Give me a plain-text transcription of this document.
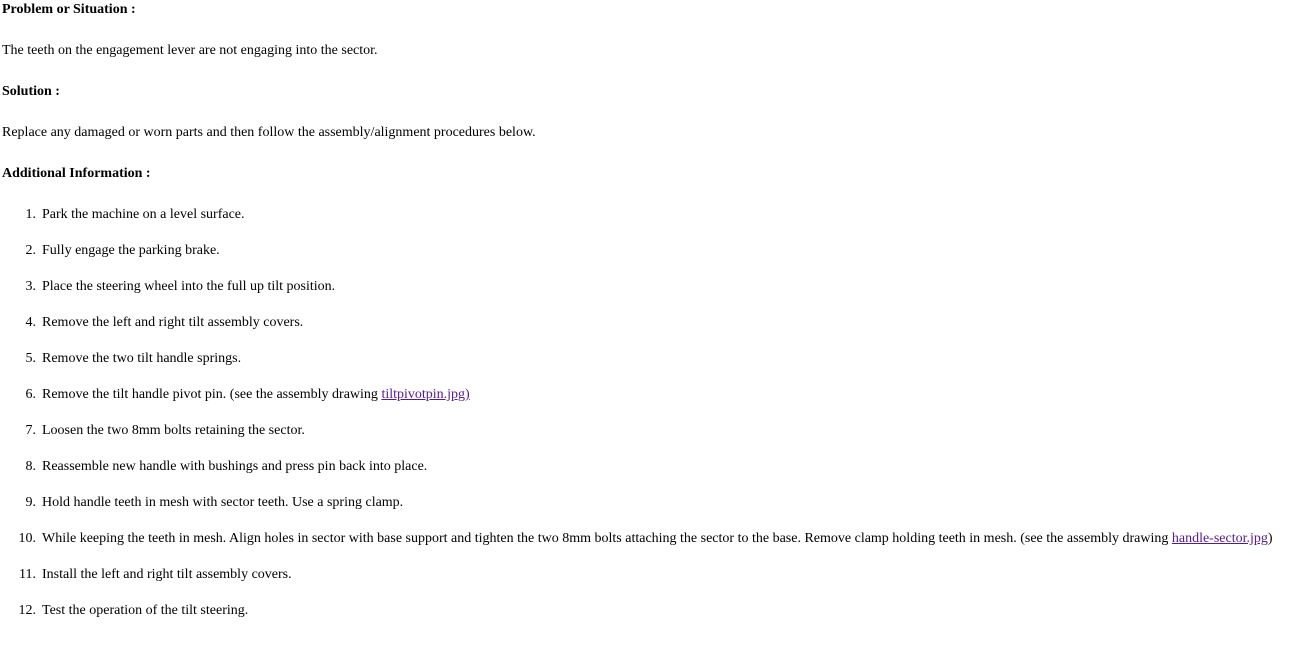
Problem or Situation :
The teeth on the engagement lever are not engaging into the sector.
Solution :
Replace any damaged or worn parts and then follow the assembly/alignment procedures below.
Additional Information :
1. Park the machine on a level surface.
2. Fully engage the parking brake.
3. Place the steering wheel into the full up tilt position.
4. Remove the left and right tilt assembly covers.
5. Remove the two tilt handle springs.
6. Remove the tilt handle pivot pin. (see the assembly drawing tiltpivotpin.jpg)
7. Loosen the two 8mm bolts retaining the sector.
8. Reassemble new handle with bushings and press pin back into place.
9. Hold handle teeth in mesh with sector teeth. Use a spring clamp.
10. While keeping the teeth in mesh. Align holes in sector with base support and tighten the two 8mm bolts attaching the sector to the base. Remove clamp holding teeth in mesh. (see the assembly drawing handle-sector.jpg)
11. Install the left and right tilt assembly covers.
12. Test the operation of the tilt steering.
